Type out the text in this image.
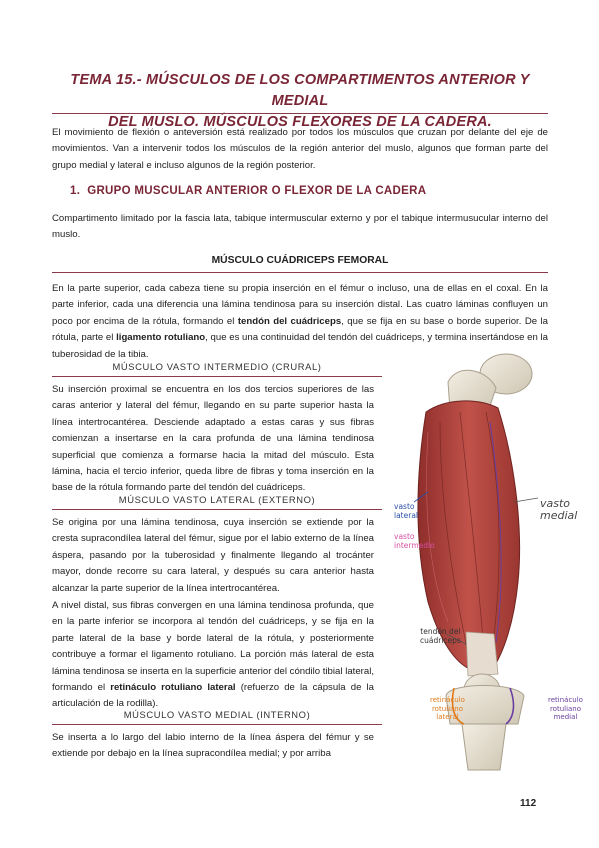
TEMA 15.- MÚSCULOS DE LOS COMPARTIMENTOS ANTERIOR Y MEDIAL
DEL MUSLO. MÚSCULOS FLEXORES DE LA CADERA.

El movimiento de flexión o anteversión está realizado por todos los músculos que cruzan por delante del eje de movimientos. Van a intervenir todos los músculos de la región anterior del muslo, algunos que forman parte del grupo medial y lateral e incluso algunos de la región posterior.

1. GRUPO MUSCULAR ANTERIOR O FLEXOR DE LA CADERA

Compartimento limitado por la fascia lata, tabique intermuscular externo y por el tabique intermusucular interno del muslo.

MÚSCULO CUÁDRICEPS FEMORAL

En la parte superior, cada cabeza tiene su propia inserción en el fémur o incluso, una de ellas en el coxal. En la parte inferior, cada una diferencia una lámina tendinosa para su inserción distal. Las cuatro láminas confluyen un poco por encima de la rótula, formando el tendón del cuádriceps, que se fija en su base o borde superior. De la rótula, parte el ligamento rotuliano, que es una continuidad del tendón del cuádriceps, y termina insertándose en la tuberosidad de la tibia.

MÚSCULO VASTO INTERMEDIO (CRURAL)

Su inserción proximal se encuentra en los dos tercios superiores de las caras anterior y lateral del fémur, llegando en su parte superior hasta la línea intertrocantérea. Desciende adaptado a estas caras y sus fibras comienzan a insertarse en la cara profunda de una lámina tendinosa superficial que comienza a formarse hacia la mitad del músculo. Esta lámina, hacia el tercio inferior, queda libre de fibras y toma inserción en la base de la rótula formando parte del tendón del cuádriceps.

MÚSCULO VASTO LATERAL (EXTERNO)

Se origina por una lámina tendinosa, cuya inserción se extiende por la cresta supracondílea lateral del fémur, sigue por el labio externo de la línea áspera, pasando por la tuberosidad y finalmente llegando al trocánter mayor, donde recorre su cara lateral, y después su cara anterior hasta alcanzar la parte superior de la línea intertrocantérea.

A nivel distal, sus fibras convergen en una lámina tendinosa profunda, que en la parte inferior se incorpora al tendón del cuádriceps, y se fija en la parte lateral de la base y borde lateral de la rótula, y posteriormente contribuye a formar el ligamento rotuliano. La porción más lateral de esta lámina tendinosa se inserta en la superficie anterior del cóndilo tibial lateral, formando el retináculo rotuliano lateral (refuerzo de la cápsula de la articulación de la rodilla).

MÚSCULO VASTO MEDIAL (INTERNO)

Se inserta a lo largo del labio interno de la línea áspera del fémur y se extiende por debajo en la línea supracondílea medial; y por arriba

vasto
lateral
vasto
medial
vasto
intermedio
tendón del
cuádriceps
retináculo
rotuliano
lateral
retináculo
rotuliano
medial
112
